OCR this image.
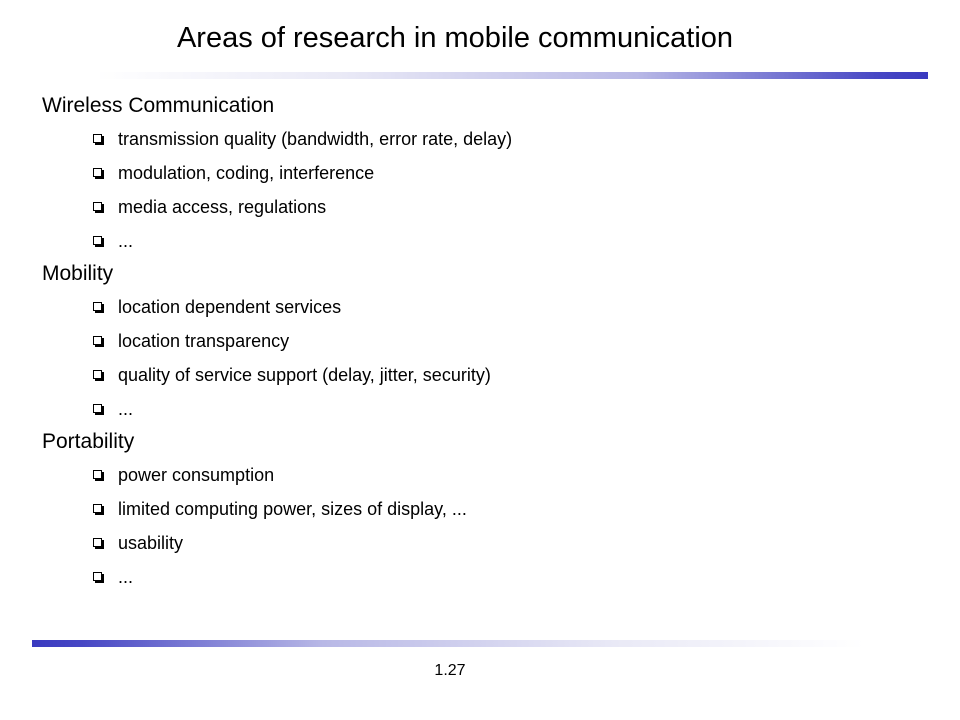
Areas of research in mobile communication
Wireless Communication
transmission quality (bandwidth, error rate, delay)
modulation, coding, interference
media access, regulations
...
Mobility
location dependent services
location transparency
quality of service support (delay, jitter, security)
...
Portability
power consumption
limited computing power, sizes of display, ...
usability
...
1.27
